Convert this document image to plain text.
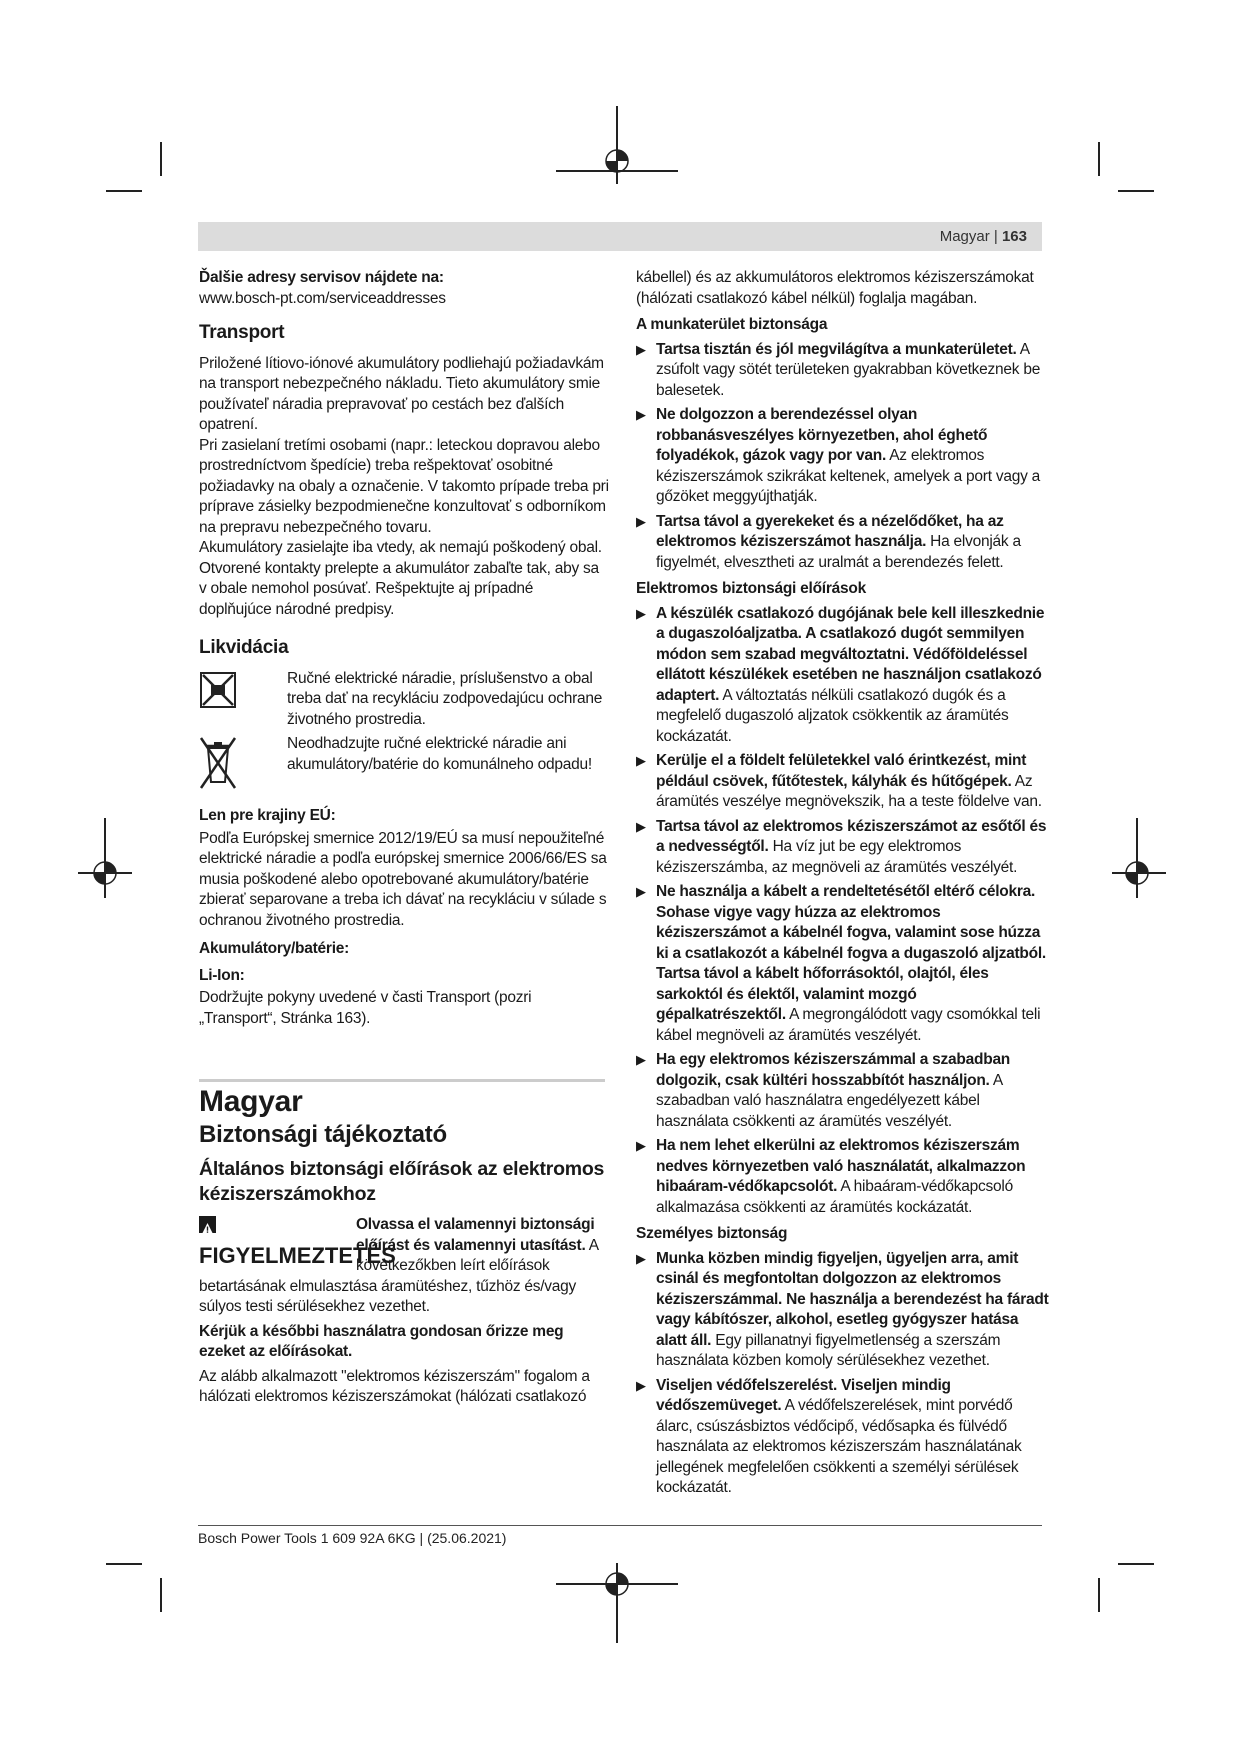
Magyar | 163

Ďalšie adresy servisov nájdete na:

www.bosch-pt.com/serviceaddresses

Transport

Priložené lítiovo-iónové akumulátory podliehajú požiadavkám na transport nebezpečného nákladu. Tieto akumulátory smie používateľ náradia prepravovať po cestách bez ďalších opatrení.

Pri zasielaní tretími osobami (napr.: leteckou dopravou alebo prostredníctvom špedície) treba rešpektovať osobitné požiadavky na obaly a označenie. V takomto prípade treba pri príprave zásielky bezpodmienečne konzultovať s odborníkom na prepravu nebezpečného tovaru.

Akumulátory zasielajte iba vtedy, ak nemajú poškodený obal. Otvorené kontakty prelepte a akumulátor zabaľte tak, aby sa v obale nemohol posúvať. Rešpektujte aj prípadné doplňujúce národné predpisy.

Likvidácia

Ručné elektrické náradie, príslušenstvo a obal treba dať na recykláciu zodpovedajúcu ochrane životného prostredia.

Neodhadzujte ručné elektrické náradie ani akumulátory/batérie do komunálneho odpadu!

Len pre krajiny EÚ:

Podľa Európskej smernice 2012/19/EÚ sa musí nepoužiteľné elektrické náradie a podľa európskej smernice 2006/66/ES sa musia poškodené alebo opotrebované akumulátory/batérie zbierať separovane a treba ich dávať na recykláciu v súlade s ochranou životného prostredia.

Akumulátory/batérie:

Li-Ion:

Dodržujte pokyny uvedené v časti Transport (pozri „Transport“, Stránka 163).

Magyar

Biztonsági tájékoztató

Általános biztonsági előírások az elektromos kéziszerszámokhoz

FIGYELMEZTETÉS

Olvassa el valamennyi biztonsági előírást és valamennyi utasítást. A következőkben leírt előírások betartásának elmulasztása áramütéshez, tűzhöz és/vagy súlyos testi sérülésekhez vezethet.

Kérjük a későbbi használatra gondosan őrizze meg ezeket az előírásokat.

Az alább alkalmazott "elektromos kéziszerszám" fogalom a hálózati elektromos kéziszerszámokat (hálózati csatlakozó

kábellel) és az akkumulátoros elektromos kéziszerszámokat (hálózati csatlakozó kábel nélkül) foglalja magában.

A munkaterület biztonsága

▶ Tartsa tisztán és jól megvilágítva a munkaterületet. A zsúfolt vagy sötét területeken gyakrabban következnek be balesetek.

▶ Ne dolgozzon a berendezéssel olyan robbanásveszélyes környezetben, ahol éghető folyadékok, gázok vagy por van. Az elektromos kéziszerszámok szikrákat keltenek, amelyek a port vagy a gőzöket meggyújthatják.

▶ Tartsa távol a gyerekeket és a nézelődőket, ha az elektromos kéziszerszámot használja. Ha elvonják a figyelmét, elvesztheti az uralmát a berendezés felett.

Elektromos biztonsági előírások

▶ A készülék csatlakozó dugójának bele kell illeszkednie a dugaszolóaljzatba. A csatlakozó dugót semmilyen módon sem szabad megváltoztatni. Védőföldeléssel ellátott készülékek esetében ne használjon csatlakozó adaptert. A változtatás nélküli csatlakozó dugók és a megfelelő dugaszoló aljzatok csökkentik az áramütés kockázatát.

▶ Kerülje el a földelt felületekkel való érintkezést, mint például csövek, fűtőtestek, kályhák és hűtőgépek. Az áramütés veszélye megnövekszik, ha a teste földelve van.

▶ Tartsa távol az elektromos kéziszerszámot az esőtől és a nedvességtől. Ha víz jut be egy elektromos kéziszerszámba, az megnöveli az áramütés veszélyét.

▶ Ne használja a kábelt a rendeltetésétől eltérő célokra. Sohase vigye vagy húzza az elektromos kéziszerszámot a kábelnél fogva, valamint sose húzza ki a csatlakozót a kábelnél fogva a dugaszoló aljzatból. Tartsa távol a kábelt hőforrásoktól, olajtól, éles sarkoktól és élektől, valamint mozgó gépalkatrészektől. A megrongálódott vagy csomókkal teli kábel megnöveli az áramütés veszélyét.

▶ Ha egy elektromos kéziszerszámmal a szabadban dolgozik, csak kültéri hosszabbítót használjon. A szabadban való használatra engedélyezett kábel használata csökkenti az áramütés veszélyét.

▶ Ha nem lehet elkerülni az elektromos kéziszerszám nedves környezetben való használatát, alkalmazzon hibaáram-védőkapcsolót. A hibaáram-védőkapcsoló alkalmazása csökkenti az áramütés kockázatát.

Személyes biztonság

▶ Munka közben mindig figyeljen, ügyeljen arra, amit csinál és megfontoltan dolgozzon az elektromos kéziszerszámmal. Ne használja a berendezést ha fáradt vagy kábítószer, alkohol, esetleg gyógyszer hatása alatt áll. Egy pillanatnyi figyelmetlenség a szerszám használata közben komoly sérülésekhez vezethet.

▶ Viseljen védőfelszerelést. Viseljen mindig védőszemüveget. A védőfelszerelések, mint porvédő álarc, csúszásbiztos védőcipő, védősapka és fülvédő használata az elektromos kéziszerszám használatának jellegének megfelelően csökkenti a személyi sérülések kockázatát.

Bosch Power Tools 1 609 92A 6KG | (25.06.2021)
